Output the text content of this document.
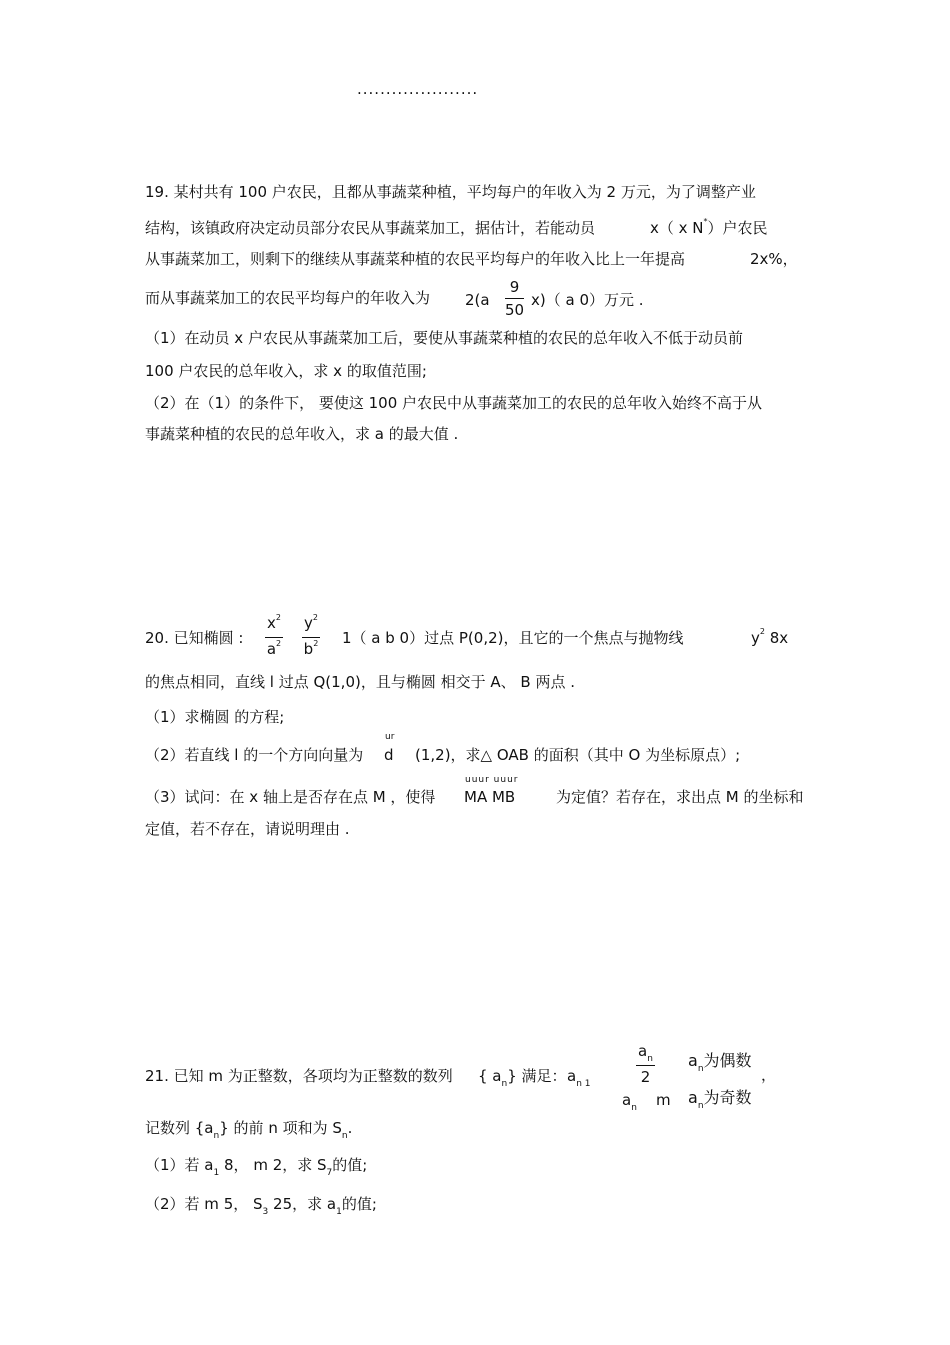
.....................
19. 某村共有 100 户农民，且都从事蔬菜种植，平均每户的年收入为 2 万元，为了调整产业
结构，该镇政府决定动员部分农民从事蔬菜加工，据估计，若能动员	x（ x N*）户农民
从事蔬菜加工，则剩下的继续从事蔬菜种植的农民平均每户的年收入比上一年提高	2x%，
而从事蔬菜加工的农民平均每户的年收入为 $2(a \frac{9}{50} x)$（ a 0）万元 .
（1）在动员 x 户农民从事蔬菜加工后，要使从事蔬菜种植的农民的总年收入不低于动员前
100 户农民的总年收入，求 x 的取值范围;
（2）在（1）的条件下， 要使这 100 户农民中从事蔬菜加工的农民的总年收入始终不高于从
事蔬菜种植的农民的总年收入，求 a 的最大值 .
20. 已知椭圆 : $\frac{x^2}{a^2} \frac{y^2}{b^2} 1$（ a b 0）过点 P(0,2)，且它的一个焦点与抛物线	$y^2$ 8x
的焦点相同，直线 l 过点 Q(1,0)，且与椭圆 相交于 A、 B 两点 .
（1）求椭圆 的方程;
ur
（2）若直线 l 的一个方向向量为 d (1,2)，求△ OAB 的面积（其中 O 为坐标原点）;
uuur uuur
（3）试问：在 x 轴上是否存在点 M ，使得 MA MB	为定值？若存在，求出点 M 的坐标和
定值，若不存在，请说明理由 .
21. 已知 m 为正整数，各项均为正整数的数列 { $a_n$} 满足： $a_{n 1}$	$\frac{a_n}{2} a_n$为偶数
，
$a_n$ m $a_n$为奇数
记数列 $\{a_n\}$ 的前 n 项和为 $S_n$.
（1）若 $a_1$ 8， m 2，求 $S_7$的值;
（2）若 m 5， $S_3$ 25，求 $a_1$的值;
